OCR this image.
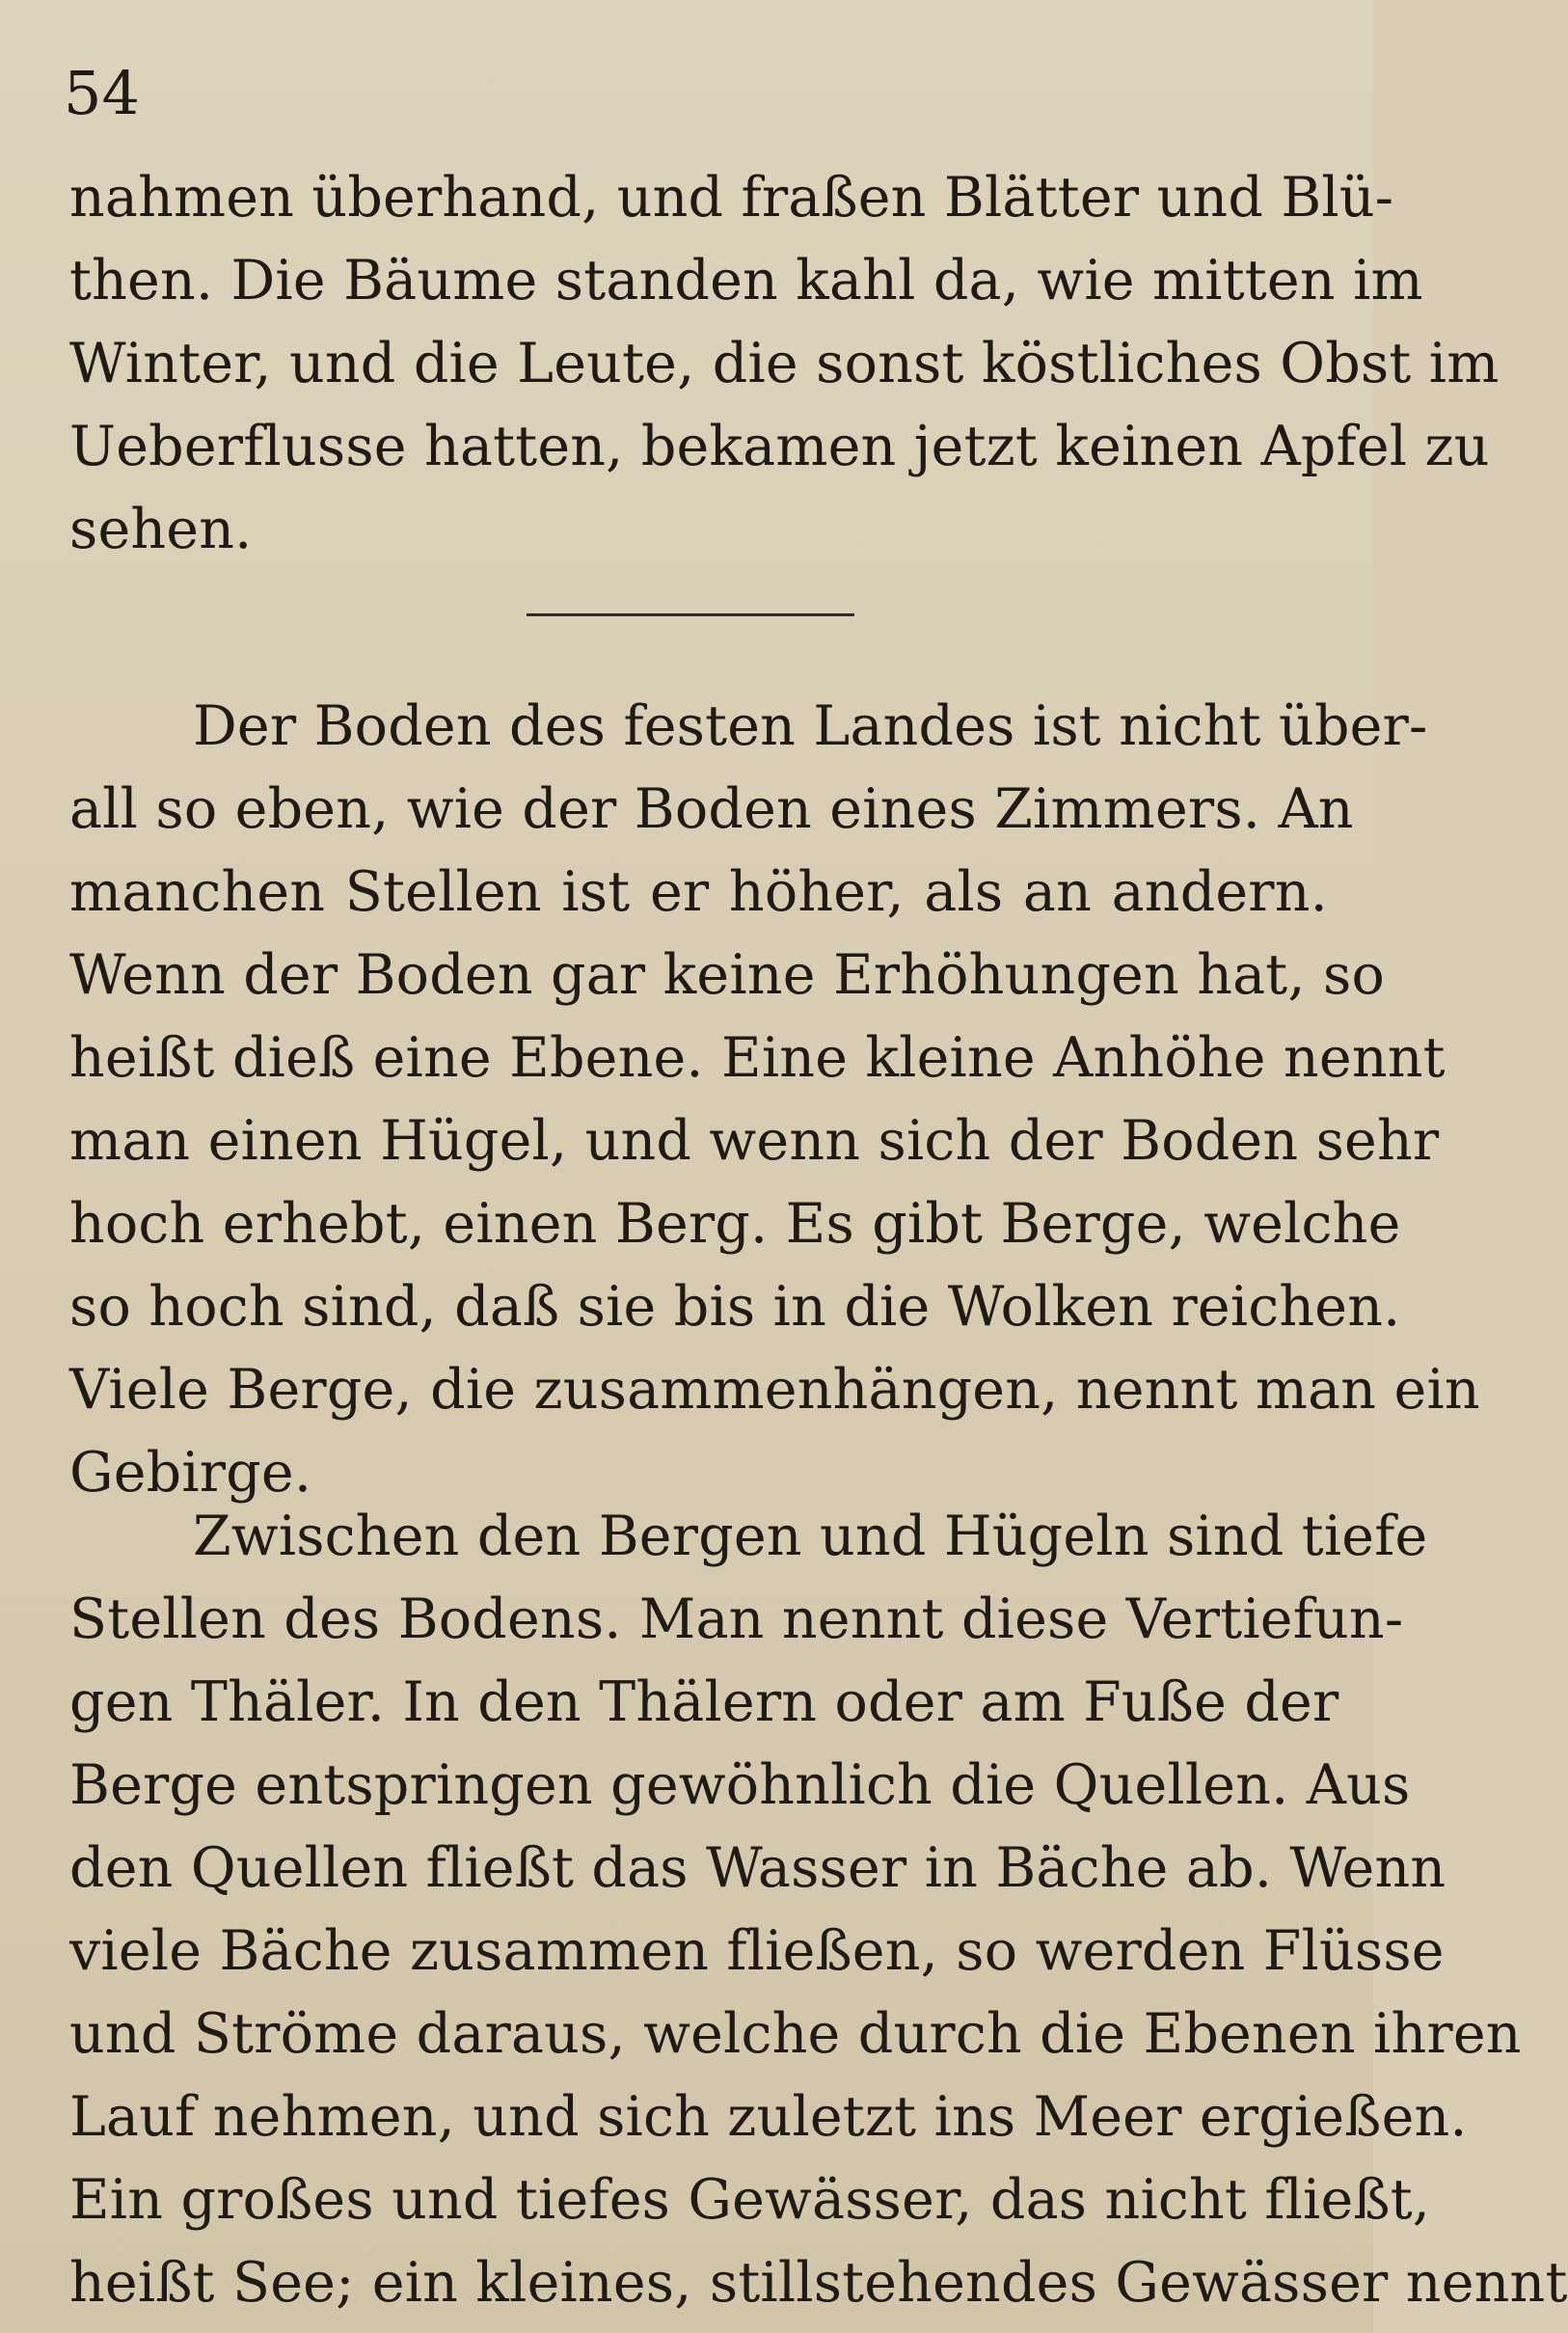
54
nahmen überhand, und fraßen Blätter und Blü-
then. Die Bäume standen kahl da, wie mitten im
Winter, und die Leute, die sonst köstliches Obst im
Ueberflusse hatten, bekamen jetzt keinen Apfel zu
sehen.
Der Boden des festen Landes ist nicht über-
all so eben, wie der Boden eines Zimmers. An
manchen Stellen ist er höher, als an andern.
Wenn der Boden gar keine Erhöhungen hat, so
heißt dieß eine Ebene. Eine kleine Anhöhe nennt
man einen Hügel, und wenn sich der Boden sehr
hoch erhebt, einen Berg. Es gibt Berge, welche
so hoch sind, daß sie bis in die Wolken reichen.
Viele Berge, die zusammenhängen, nennt man ein
Gebirge.
Zwischen den Bergen und Hügeln sind tiefe
Stellen des Bodens. Man nennt diese Vertiefun-
gen Thäler. In den Thälern oder am Fuße der
Berge entspringen gewöhnlich die Quellen. Aus
den Quellen fließt das Wasser in Bäche ab. Wenn
viele Bäche zusammen fließen, so werden Flüsse
und Ströme daraus, welche durch die Ebenen ihren
Lauf nehmen, und sich zuletzt ins Meer ergießen.
Ein großes und tiefes Gewässer, das nicht fließt,
heißt See; ein kleines, stillstehendes Gewässer nennt
